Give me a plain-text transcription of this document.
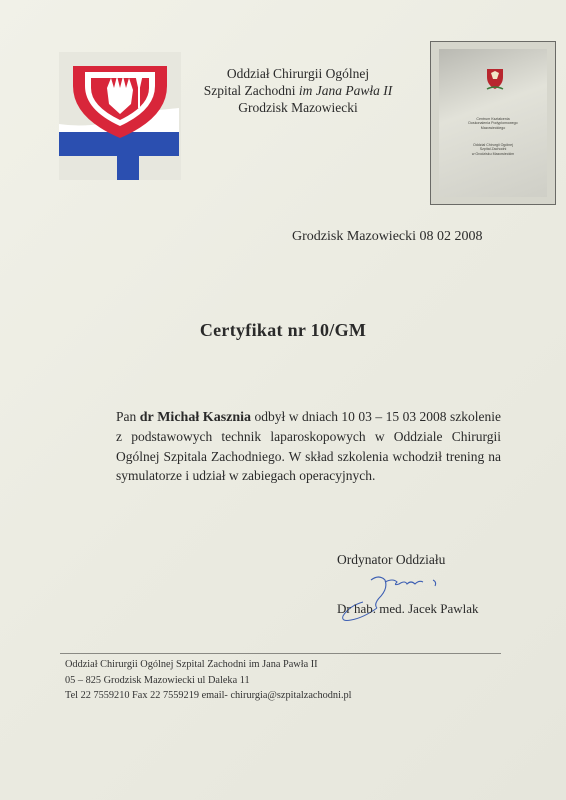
Oddział Chirurgii Ogólnej
Szpital Zachodni im Jana Pawła II
Grodzisk Mazowiecki
Centrum Kształcenia
Doskonalenia Podyplomowego
Mazowieckiego
Oddział Chirurgii Ogólnej
Szpital Zachodni
w Grodzisku Mazowieckim
Grodzisk Mazowiecki 08 02 2008
Certyfikat nr 10/GM
Pan dr Michał Kasznia odbył w dniach 10 03 – 15 03 2008 szkolenie z podstawowych technik laparoskopowych w Oddziale Chirurgii Ogólnej Szpitala Zachodniego. W skład szkolenia wchodził trening na symulatorze i udział w zabiegach operacyjnych.
Ordynator Oddziału
Dr hab. med. Jacek Pawlak
Oddział Chirurgii Ogólnej Szpital Zachodni im Jana Pawła II
05 – 825 Grodzisk Mazowiecki ul Daleka 11
Tel 22 7559210 Fax 22 7559219 email- chirurgia@szpitalzachodni.pl
